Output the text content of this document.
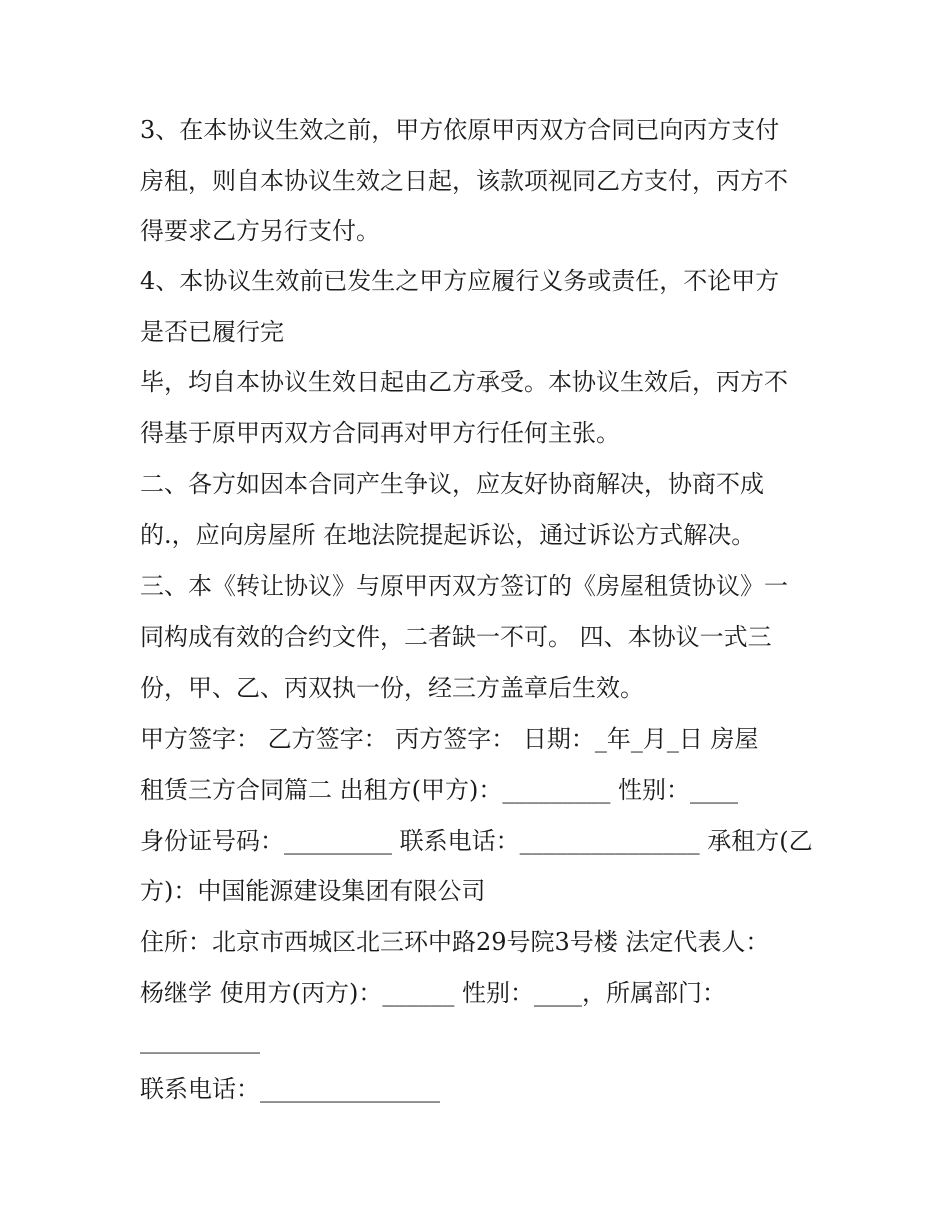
3、在本协议生效之前，甲方依原甲丙双方合同已向丙方支付
房租，则自本协议生效之日起，该款项视同乙方支付，丙方不
得要求乙方另行支付。
4、本协议生效前已发生之甲方应履行义务或责任，不论甲方
是否已履行完
毕，均自本协议生效日起由乙方承受。本协议生效后，丙方不
得基于原甲丙双方合同再对甲方行任何主张。
二、各方如因本合同产生争议，应友好协商解决，协商不成
的.，应向房屋所 在地法院提起诉讼，通过诉讼方式解决。
三、本《转让协议》与原甲丙双方签订的《房屋租赁协议》一
同构成有效的合约文件，二者缺一不可。 四、本协议一式三
份，甲、乙、丙双执一份，经三方盖章后生效。
甲方签字： 乙方签字： 丙方签字： 日期：_年_月_日 房屋
租赁三方合同篇二 出租方(甲方)：_________ 性别：____
身份证号码：_________ 联系电话：_______________ 承租方(乙
方)：中国能源建设集团有限公司
住所：北京市西城区北三环中路29号院3号楼 法定代表人：
杨继学 使用方(丙方)：______ 性别：____，所属部门：
__________
联系电话：_______________
